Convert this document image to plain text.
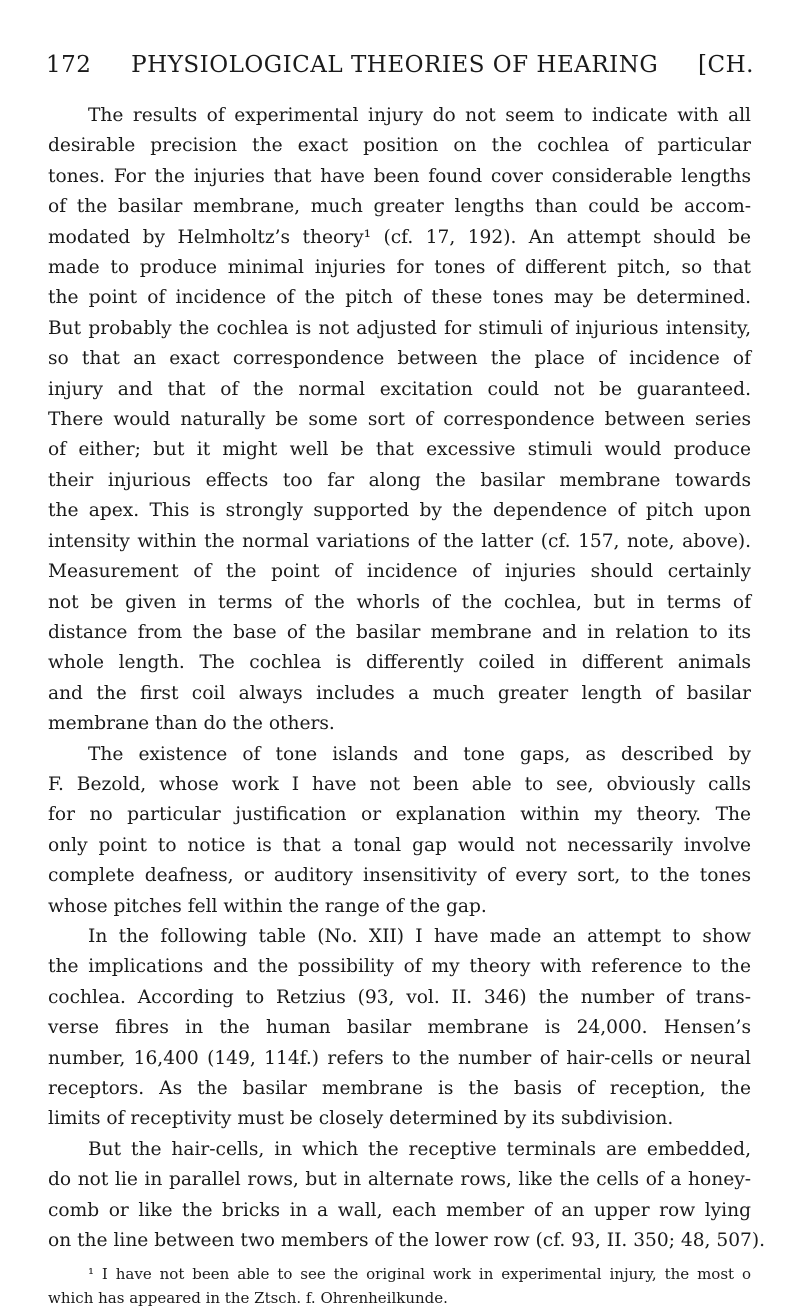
172	PHYSIOLOGICAL THEORIES OF HEARING	[CH.
The results of experimental injury do not seem to indicate with all
desirable precision the exact position on the cochlea of particular
tones. For the injuries that have been found cover considerable lengths
of the basilar membrane, much greater lengths than could be accom-
modated by Helmholtz’s theory¹ (cf. 17, 192). An attempt should be
made to produce minimal injuries for tones of different pitch, so that
the point of incidence of the pitch of these tones may be determined.
But probably the cochlea is not adjusted for stimuli of injurious intensity,
so that an exact correspondence between the place of incidence of
injury and that of the normal excitation could not be guaranteed.
There would naturally be some sort of correspondence between series
of either; but it might well be that excessive stimuli would produce
their injurious effects too far along the basilar membrane towards
the apex. This is strongly supported by the dependence of pitch upon
intensity within the normal variations of the latter (cf. 157, note, above).
Measurement of the point of incidence of injuries should certainly
not be given in terms of the whorls of the cochlea, but in terms of
distance from the base of the basilar membrane and in relation to its
whole length. The cochlea is differently coiled in different animals
and the first coil always includes a much greater length of basilar
membrane than do the others.
The existence of tone islands and tone gaps, as described by
F. Bezold, whose work I have not been able to see, obviously calls
for no particular justification or explanation within my theory. The
only point to notice is that a tonal gap would not necessarily involve
complete deafness, or auditory insensitivity of every sort, to the tones
whose pitches fell within the range of the gap.
In the following table (No. XII) I have made an attempt to show
the implications and the possibility of my theory with reference to the
cochlea. According to Retzius (93, vol. II. 346) the number of trans-
verse fibres in the human basilar membrane is 24,000. Hensen’s
number, 16,400 (149, 114f.) refers to the number of hair-cells or neural
receptors. As the basilar membrane is the basis of reception, the
limits of receptivity must be closely determined by its subdivision.
But the hair-cells, in which the receptive terminals are embedded,
do not lie in parallel rows, but in alternate rows, like the cells of a honey-
comb or like the bricks in a wall, each member of an upper row lying
on the line between two members of the lower row (cf. 93, II. 350; 48, 507).
¹ I have not been able to see the original work in experimental injury, the most o
which has appeared in the Ztsch. f. Ohrenheilkunde.
